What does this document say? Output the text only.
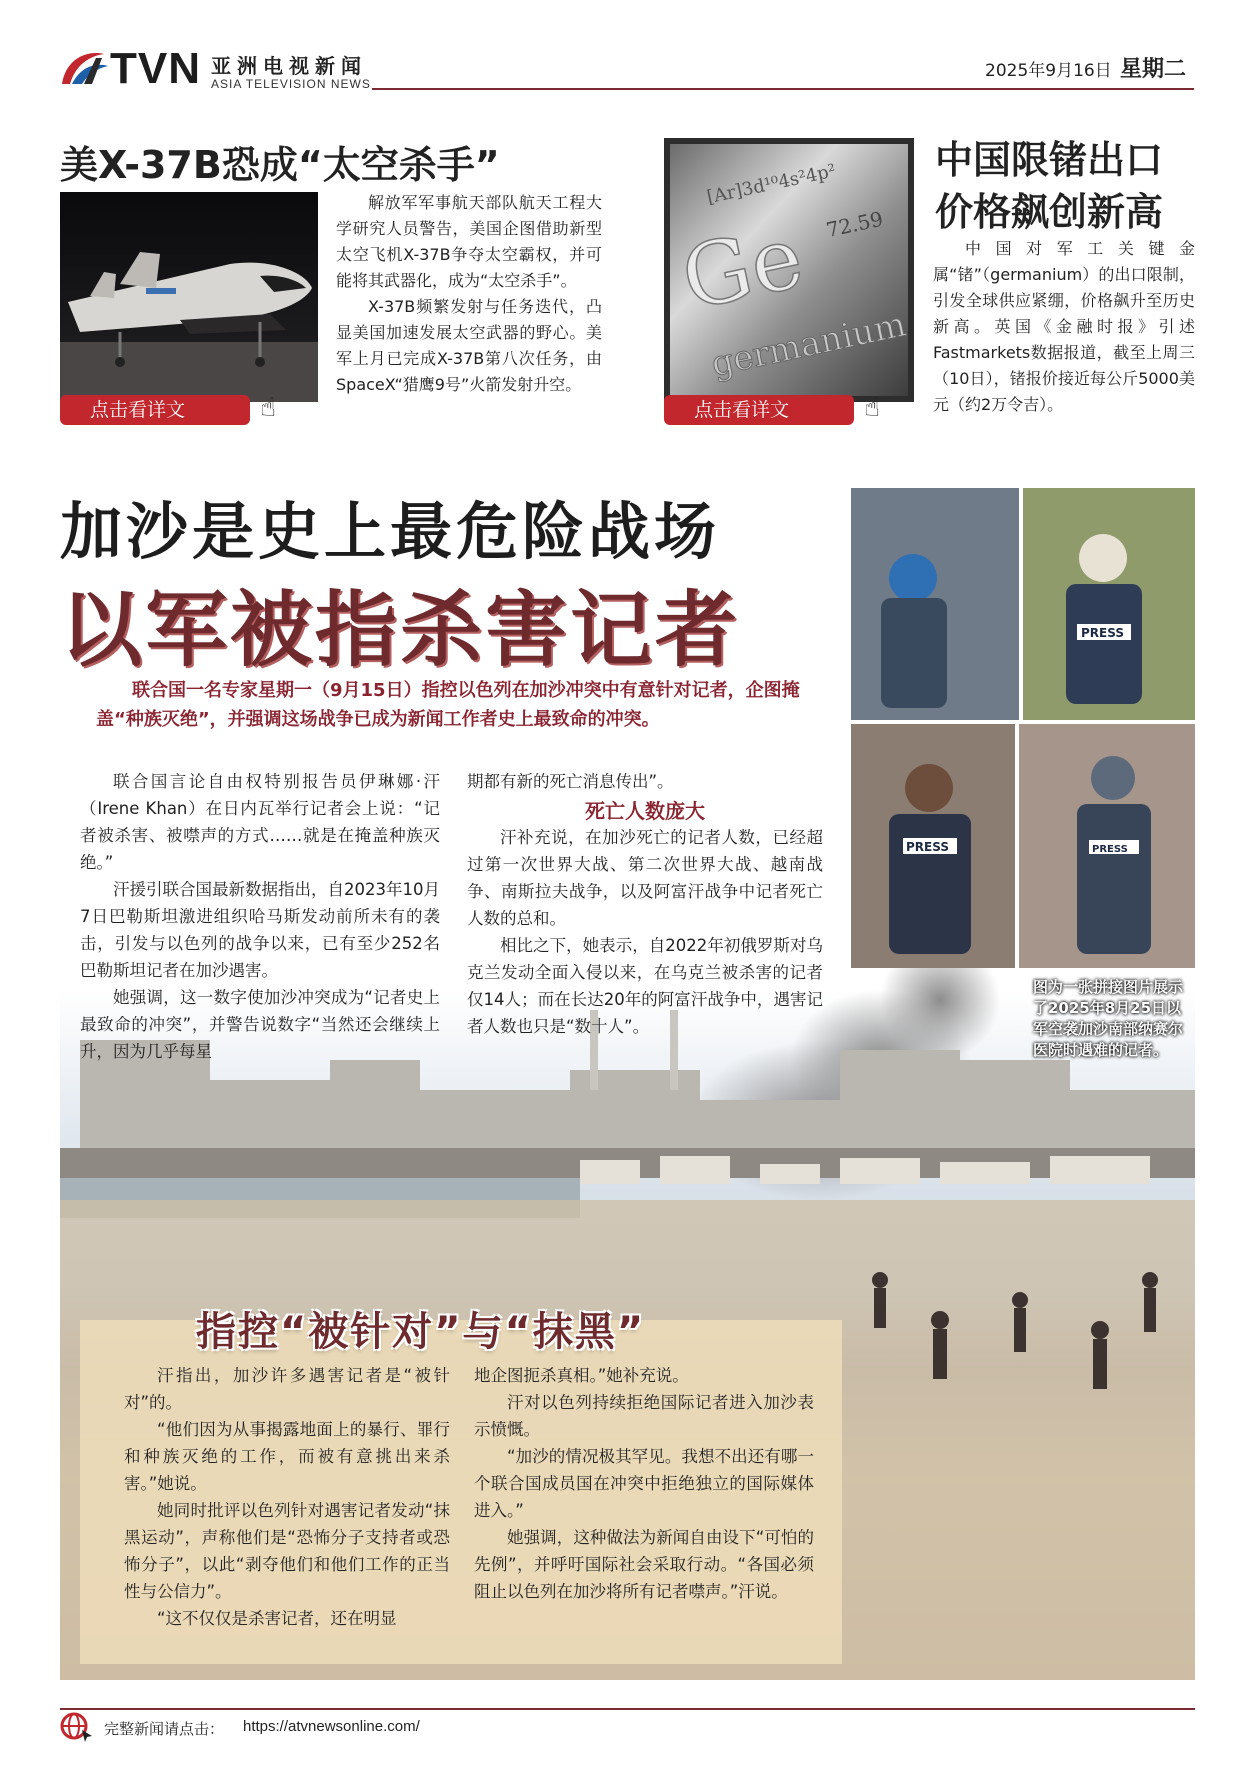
TVN 亚洲电视新闻
ASIA TELEVISION NEWS
2025年9月16日 星期二
美X-37B恐成“太空杀手”
点击看详文	☝

解放军军事航天部队航天工程大学研究人员警告，美国企图借助新型太空飞机X-37B争夺太空霸权，并可能将其武器化，成为“太空杀手”。

X-37B频繁发射与任务迭代，凸显美国加速发展太空武器的野心。美军上月已完成X-37B第八次任务，由SpaceX“猎鹰9号”火箭发射升空。

[Ar]3d¹⁰4s²4p²
Ge 72.59
germanium
点击看详文	☝
中国限锗出口
价格飙创新高

中国对军工关键金属“锗”（germanium）的出口限制，引发全球供应紧绷，价格飙升至历史新高。英国《金融时报》引述Fastmarkets数据报道，截至上周三（10日），锗报价接近每公斤5000美元（约2万令吉）。

加沙是史上最危险战场
以军被指杀害记者
联合国一名专家星期一（9月15日）指控以色列在加沙冲突中有意针对记者，企图掩盖“种族灭绝”，并强调这场战争已成为新闻工作者史上最致命的冲突。
PRESS
PRESS	PRESS
图为一张拼接图片展示了2025年8月25日以军空袭加沙南部纳赛尔医院时遇难的记者。

联合国言论自由权特别报告员伊琳娜·汗（Irene Khan）在日内瓦举行记者会上说：“记者被杀害、被噤声的方式……就是在掩盖种族灭绝。”

汗援引联合国最新数据指出，自2023年10月7日巴勒斯坦激进组织哈马斯发动前所未有的袭击，引发与以色列的战争以来，已有至少252名巴勒斯坦记者在加沙遇害。

她强调，这一数字使加沙冲突成为“记者史上最致命的冲突”，并警告说数字“当然还会继续上升，因为几乎每星

期都有新的死亡消息传出”。

死亡人数庞大

汗补充说，在加沙死亡的记者人数，已经超过第一次世界大战、第二次世界大战、越南战争、南斯拉夫战争，以及阿富汗战争中记者死亡人数的总和。

相比之下，她表示，自2022年初俄罗斯对乌克兰发动全面入侵以来，在乌克兰被杀害的记者仅14人；而在长达20年的阿富汗战争中，遇害记者人数也只是“数十人”。

指控“被针对”与“抹黑”

汗指出，加沙许多遇害记者是“被针对”的。

“他们因为从事揭露地面上的暴行、罪行和种族灭绝的工作，而被有意挑出来杀害。”她说。

她同时批评以色列针对遇害记者发动“抹黑运动”，声称他们是“恐怖分子支持者或恐怖分子”，以此“剥夺他们和他们工作的正当性与公信力”。

“这不仅仅是杀害记者，还在明显

地企图扼杀真相。”她补充说。

汗对以色列持续拒绝国际记者进入加沙表示愤慨。

“加沙的情况极其罕见。我想不出还有哪一个联合国成员国在冲突中拒绝独立的国际媒体进入。”

她强调，这种做法为新闻自由设下“可怕的先例”，并呼吁国际社会采取行动。“各国必须阻止以色列在加沙将所有记者噤声。”汗说。

完整新闻请点击： https://atvnewsonline.com/
